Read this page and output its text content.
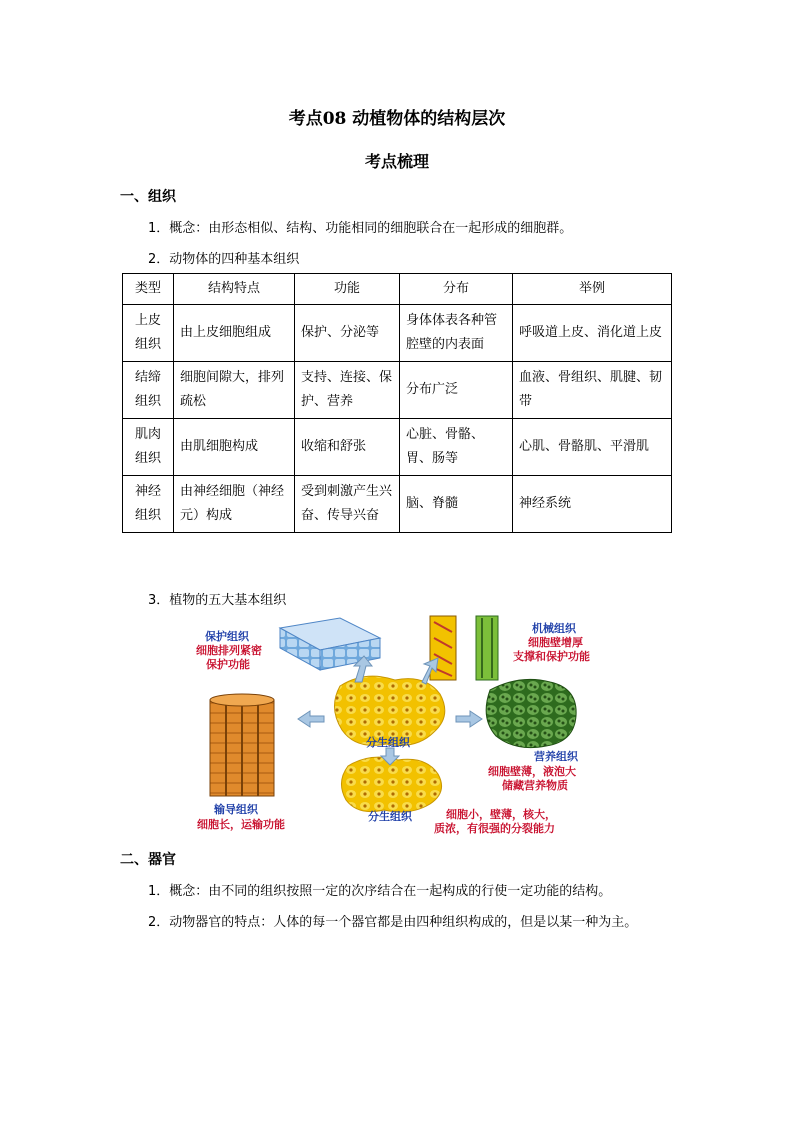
考点08 动植物体的结构层次
考点梳理
一、组织
1．概念：由形态相似、结构、功能相同的细胞联合在一起形成的细胞群。
2．动物体的四种基本组织
类型	结构特点	功能	分布	举例
上皮组织	由上皮细胞组成	保护、分泌等	身体体表各种管腔壁的内表面	呼吸道上皮、消化道上皮
结缔组织	细胞间隙大，排列疏松	支持、连接、保护、营养	分布广泛	血液、骨组织、肌腱、韧带
肌肉组织	由肌细胞构成	收缩和舒张	心脏、骨骼、胃、肠等	心肌、骨骼肌、平滑肌
神经组织	由神经细胞（神经元）构成	受到刺激产生兴奋、传导兴奋	脑、脊髓	神经系统
3．植物的五大基本组织
保护组织
细胞排列紧密
保护功能
机械组织
细胞壁增厚
支撑和保护功能
分生组织
营养组织
细胞壁薄，液泡大
储藏营养物质
分生组织	细胞小，壁薄，核大，
质浓，有很强的分裂能力
输导组织
细胞长，运输功能
二、器官
1．概念：由不同的组织按照一定的次序结合在一起构成的行使一定功能的结构。
2．动物器官的特点：人体的每一个器官都是由四种组织构成的，但是以某一种为主。
